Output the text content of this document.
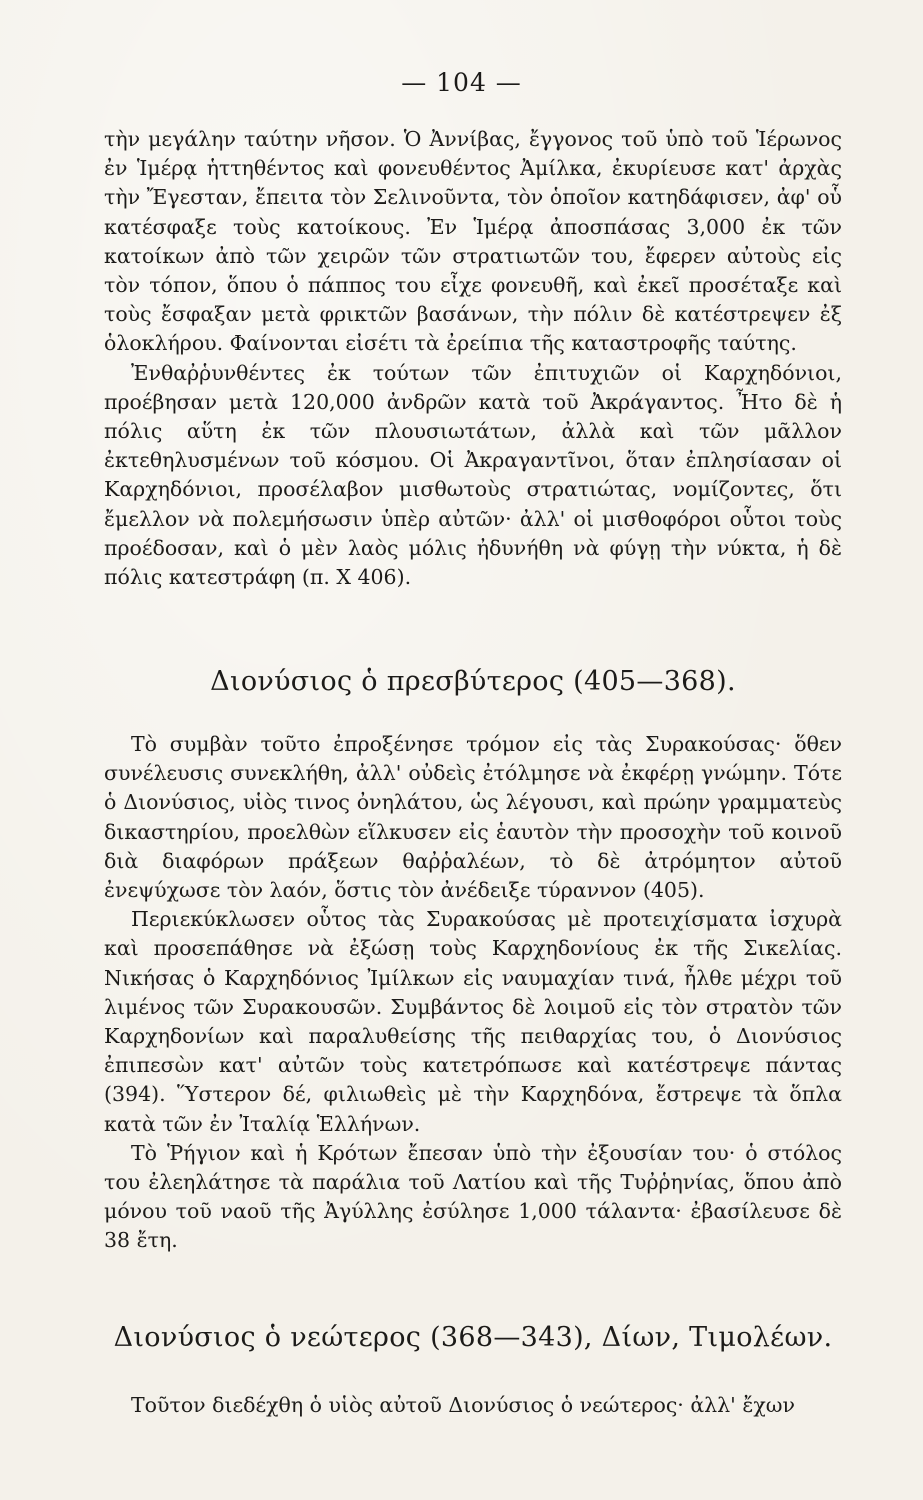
— 104 —

τὴν μεγάλην ταύτην νῆσον. Ὁ Ἀννίβας, ἔγγονος τοῦ ὑπὸ τοῦ Ἱέρωνος ἐν Ἱμέρᾳ ἡττηθέντος καὶ φονευθέντος Ἀμίλκα, ἐκυρίευσε κατ' ἀρχὰς τὴν Ἔγεσταν, ἔπειτα τὸν Σελινοῦντα, τὸν ὁποῖον κατηδάφισεν, ἀφ' οὗ κατέσφαξε τοὺς κατοίκους. Ἐν Ἱμέρᾳ ἀποσπάσας 3,000 ἐκ τῶν κατοίκων ἀπὸ τῶν χειρῶν τῶν στρατιωτῶν του, ἔφερεν αὐτοὺς εἰς τὸν τόπον, ὅπου ὁ πάππος του εἶχε φονευθῆ, καὶ ἐκεῖ προσέταξε καὶ τοὺς ἔσφαξαν μετὰ φρικτῶν βασάνων, τὴν πόλιν δὲ κατέστρεψεν ἐξ ὁλοκλήρου. Φαίνονται εἰσέτι τὰ ἐρείπια τῆς καταστροφῆς ταύτης.

Ἐνθαῤῥυνθέντες ἐκ τούτων τῶν ἐπιτυχιῶν οἱ Καρχηδόνιοι, προέβησαν μετὰ 120,000 ἀνδρῶν κατὰ τοῦ Ἀκράγαντος. Ἦτο δὲ ἡ πόλις αὕτη ἐκ τῶν πλουσιωτάτων, ἀλλὰ καὶ τῶν μᾶλλον ἐκτεθηλυσμένων τοῦ κόσμου. Οἱ Ἀκραγαντῖνοι, ὅταν ἐπλησίασαν οἱ Καρχηδόνιοι, προσέλαβον μισθωτοὺς στρατιώτας, νομίζοντες, ὅτι ἔμελλον νὰ πολεμήσωσιν ὑπὲρ αὐτῶν· ἀλλ' οἱ μισθοφόροι οὗτοι τοὺς προέδοσαν, καὶ ὁ μὲν λαὸς μόλις ἠδυνήθη νὰ φύγῃ τὴν νύκτα, ἡ δὲ πόλις κατεστράφη (π. Χ 406).

Διονύσιος ὁ πρεσβύτερος (405—368).

Τὸ συμβὰν τοῦτο ἐπροξένησε τρόμον εἰς τὰς Συρακούσας· ὅθεν συνέλευσις συνεκλήθη, ἀλλ' οὐδεὶς ἐτόλμησε νὰ ἐκφέρῃ γνώμην. Τότε ὁ Διονύσιος, υἱὸς τινος ὀνηλάτου, ὡς λέγουσι, καὶ πρώην γραμματεὺς δικαστηρίου, προελθὼν εἵλκυσεν εἰς ἑαυτὸν τὴν προσοχὴν τοῦ κοινοῦ διὰ διαφόρων πράξεων θαῤῥαλέων, τὸ δὲ ἀτρόμητον αὐτοῦ ἐνεψύχωσε τὸν λαόν, ὅστις τὸν ἀνέδειξε τύραννον (405).

Περιεκύκλωσεν οὗτος τὰς Συρακούσας μὲ προτειχίσματα ἰσχυρὰ καὶ προσεπάθησε νὰ ἐξώσῃ τοὺς Καρχηδονίους ἐκ τῆς Σικελίας. Νικήσας ὁ Καρχηδόνιος Ἰμίλκων εἰς ναυμαχίαν τινά, ἦλθε μέχρι τοῦ λιμένος τῶν Συρακουσῶν. Συμβάντος δὲ λοιμοῦ εἰς τὸν στρατὸν τῶν Καρχηδονίων καὶ παραλυθείσης τῆς πειθαρχίας του, ὁ Διονύσιος ἐπιπεσὼν κατ' αὐτῶν τοὺς κατετρόπωσε καὶ κατέστρεψε πάντας (394). Ὕστερον δέ, φιλιωθεὶς μὲ τὴν Καρχηδόνα, ἔστρεψε τὰ ὅπλα κατὰ τῶν ἐν Ἰταλίᾳ Ἑλλήνων.

Τὸ Ῥήγιον καὶ ἡ Κρότων ἔπεσαν ὑπὸ τὴν ἐξουσίαν του· ὁ στόλος του ἐλεηλάτησε τὰ παράλια τοῦ Λατίου καὶ τῆς Τυῤῥηνίας, ὅπου ἀπὸ μόνου τοῦ ναοῦ τῆς Ἀγύλλης ἐσύλησε 1,000 τάλαντα· ἐβασίλευσε δὲ 38 ἔτη.

Διονύσιος ὁ νεώτερος (368—343), Δίων, Τιμολέων.

Τοῦτον διεδέχθη ὁ υἱὸς αὐτοῦ Διονύσιος ὁ νεώτερος· ἀλλ' ἔχων
